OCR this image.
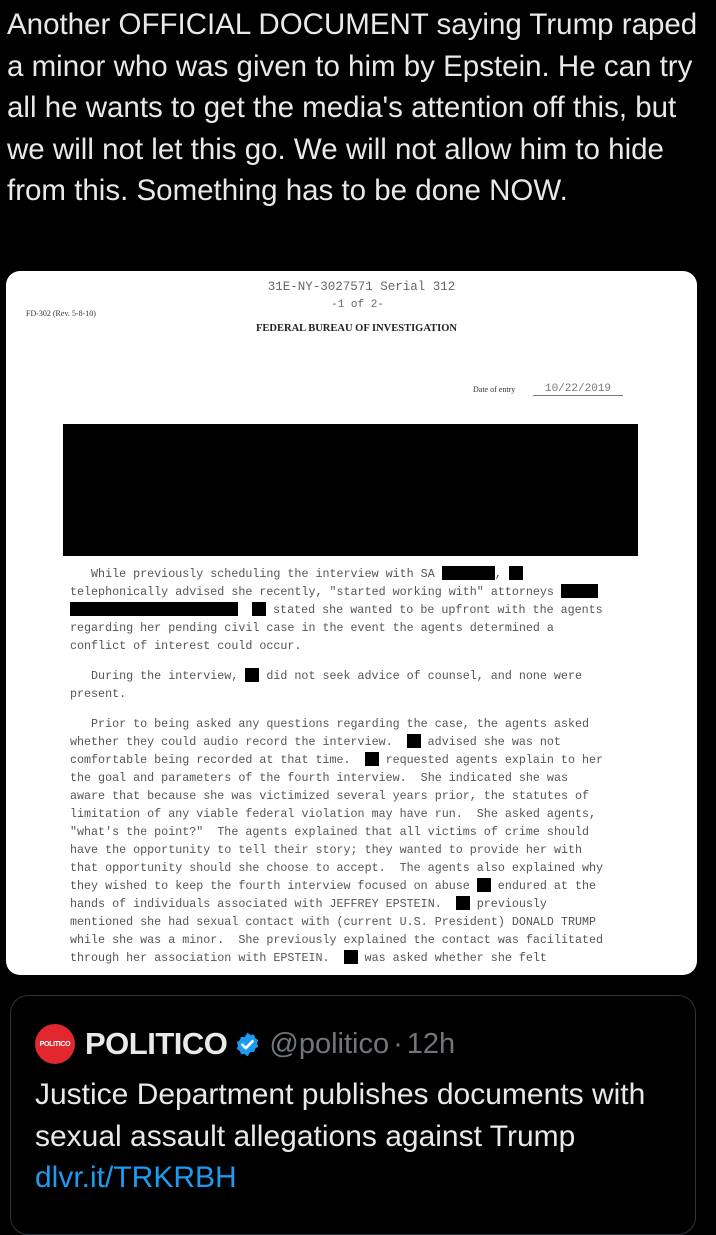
Another OFFICIAL DOCUMENT saying Trump raped a minor who was given to him by Epstein. He can try all he wants to get the media's attention off this, but we will not let this go. We will not allow him to hide from this. Something has to be done NOW.
31E-NY-3027571 Serial 312
-1 of 2-
FD-302 (Rev. 5-8-10)
FEDERAL BUREAU OF INVESTIGATION
Date of entry	10/22/2019
While previously scheduling the interview with SA	,
telephonically advised she recently, "started working with" attorneys
stated she wanted to be upfront with the agents
regarding her pending civil case in the event the agents determined a
conflict of interest could occur.
During the interview,  did not seek advice of counsel, and none were
present.
Prior to being asked any questions regarding the case, the agents asked
whether they could audio record the interview.   advised she was not
comfortable being recorded at that time.   requested agents explain to her
the goal and parameters of the fourth interview.  She indicated she was
aware that because she was victimized several years prior, the statutes of
limitation of any viable federal violation may have run.  She asked agents,
"what's the point?"  The agents explained that all victims of crime should
have the opportunity to tell their story; they wanted to provide her with
that opportunity should she choose to accept.  The agents also explained why
they wished to keep the fourth interview focused on abuse  endured at the
hands of individuals associated with JEFFREY EPSTEIN.   previously
mentioned she had sexual contact with (current U.S. President) DONALD TRUMP
while she was a minor.  She previously explained the contact was facilitated
through her association with EPSTEIN.   was asked whether she felt
POLITICO POLITICO @politico · 12h
Justice Department publishes documents with sexual assault allegations against Trump dlvr.it/TRKRBH
